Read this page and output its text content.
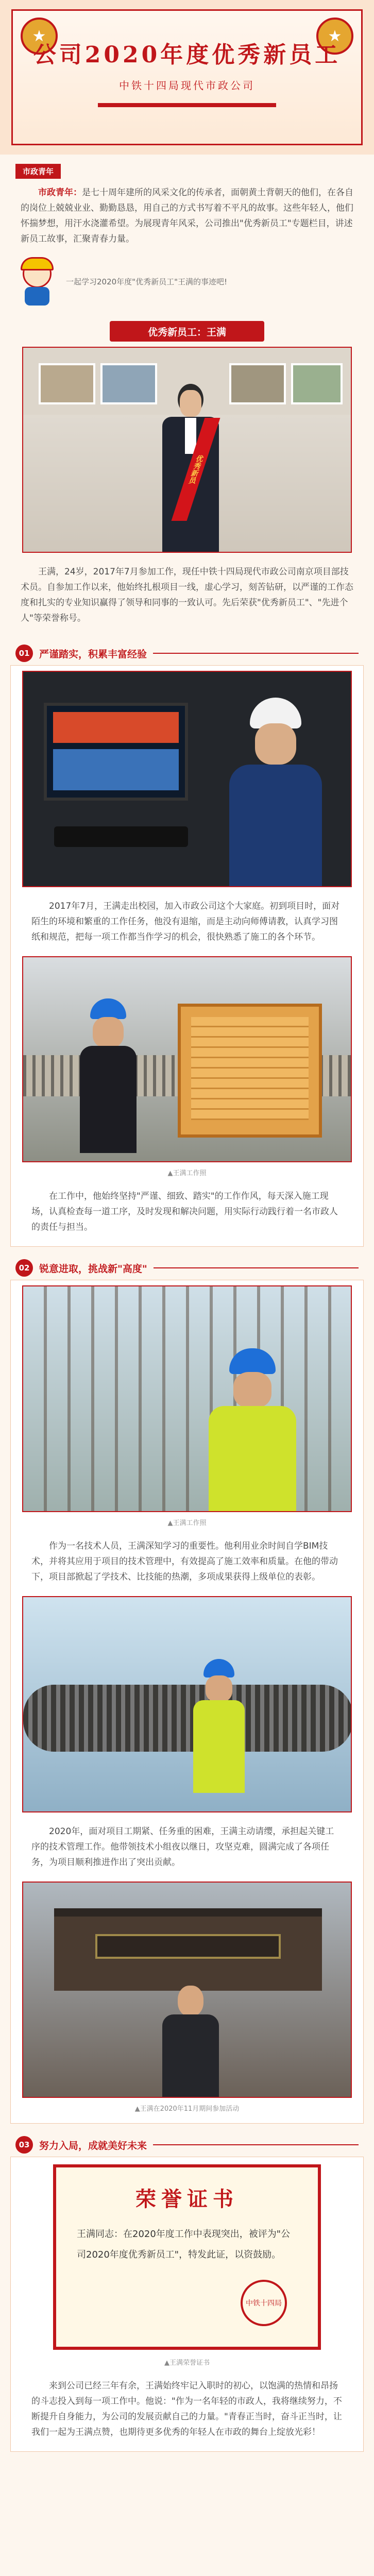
★	★
公司2020年度优秀新员工
中铁十四局现代市政公司
市政青年
市政青年：是七十周年建所的风采文化的传承者，面朝黄土背朝天的他们，在各自的岗位上兢兢业业、勤勤恳恳，用自己的方式书写着不平凡的故事。这些年轻人，他们怀揣梦想，用汗水浇灌希望。为展现青年风采，公司推出"优秀新员工"专题栏目，讲述新员工故事，汇聚青春力量。
一起学习2020年度"优秀新员工"王满的事迹吧!
优秀新员工：王满
优秀新员
王满，24岁，2017年7月参加工作，现任中铁十四局现代市政公司南京项目部技术员。自参加工作以来，他始终扎根项目一线，虚心学习，刻苦钻研，以严谨的工作态度和扎实的专业知识赢得了领导和同事的一致认可。先后荣获"优秀新员工"、"先进个人"等荣誉称号。
01 严谨踏实，积累丰富经验
2017年7月，王满走出校园，加入市政公司这个大家庭。初到项目时，面对陌生的环境和繁重的工作任务，他没有退缩，而是主动向师傅请教，认真学习图纸和规范，把每一项工作都当作学习的机会，很快熟悉了施工的各个环节。
▲王满工作照
在工作中，他始终坚持"严谨、细致、踏实"的工作作风，每天深入施工现场，认真检查每一道工序，及时发现和解决问题，用实际行动践行着一名市政人的责任与担当。
02 锐意进取，挑战新"高度"
▲王满工作照
作为一名技术人员，王满深知学习的重要性。他利用业余时间自学BIM技术，并将其应用于项目的技术管理中，有效提高了施工效率和质量。在他的带动下，项目部掀起了学技术、比技能的热潮，多项成果获得上级单位的表彰。
2020年，面对项目工期紧、任务重的困难，王满主动请缨，承担起关键工序的技术管理工作。他带领技术小组夜以继日，攻坚克难，圆满完成了各项任务，为项目顺利推进作出了突出贡献。
▲王满在2020年11月期间参加活动
03 努力入局，成就美好未来
荣誉证书
王满同志：在2020年度工作中表现突出，被评为"公司2020年度优秀新员工"，特发此证，以资鼓励。
中铁十四局
▲王满荣誉证书
来到公司已经三年有余，王满始终牢记入职时的初心，以饱满的热情和昂扬的斗志投入到每一项工作中。他说："作为一名年轻的市政人，我将继续努力，不断提升自身能力，为公司的发展贡献自己的力量。"青春正当时，奋斗正当时，让我们一起为王满点赞，也期待更多优秀的年轻人在市政的舞台上绽放光彩！
